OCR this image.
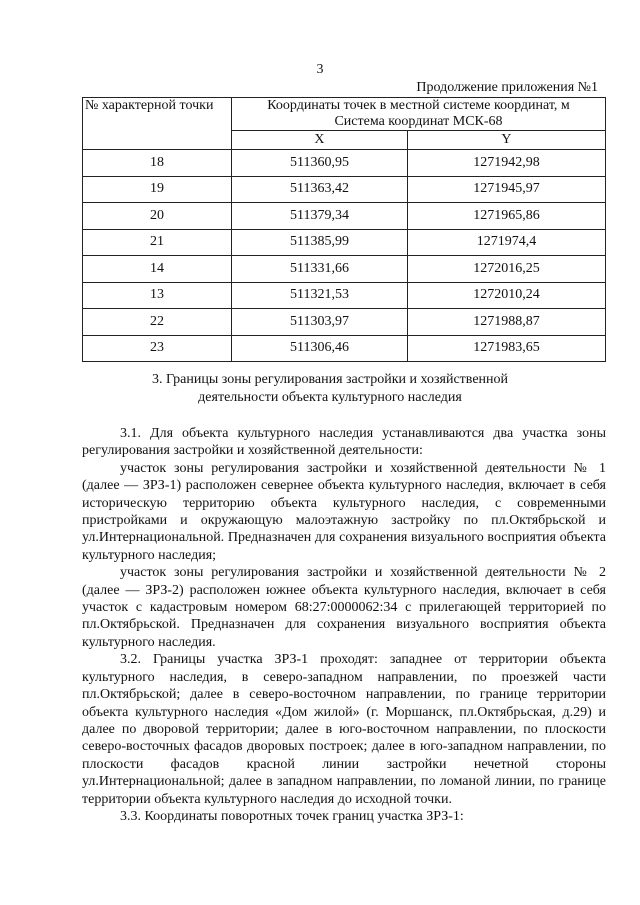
3
Продолжение приложения №1
№ характерной точки	Координаты точек в местной системе координат, м
Система координат МСК-68	

	X	Y
18	511360,95	1271942,98
19	511363,42	1271945,97
20	511379,34	1271965,86
21	511385,99	1271974,4
14	511331,66	1272016,25
13	511321,53	1272010,24
22	511303,97	1271988,87
23	511306,46	1271983,65
3. Границы зоны регулирования застройки и хозяйственной
деятельности объекта культурного наследия

3.1. Для объекта культурного наследия устанавливаются два участка зоны регулирования застройки и хозяйственной деятельности:

участок зоны регулирования застройки и хозяйственной деятельности № 1 (далее — ЗРЗ-1) расположен севернее объекта культурного наследия, включает в себя историческую территорию объекта культурного наследия, с современными пристройками и окружающую малоэтажную застройку по пл.Октябрьской и ул.Интернациональной. Предназначен для сохранения визуального восприятия объекта культурного наследия;

участок зоны регулирования застройки и хозяйственной деятельности № 2 (далее — ЗРЗ-2) расположен южнее объекта культурного наследия, включает в себя участок с кадастровым номером 68:27:0000062:34 с прилегающей территорией по пл.Октябрьской. Предназначен для сохранения визуального восприятия объекта культурного наследия.

3.2. Границы участка ЗРЗ-1 проходят: западнее от территории объекта культурного наследия, в северо-западном направлении, по проезжей части пл.Октябрьской; далее в северо-восточном направлении, по границе территории объекта культурного наследия «Дом жилой» (г. Моршанск, пл.Октябрьская, д.29) и далее по дворовой территории; далее в юго-восточном направлении, по плоскости северо-восточных фасадов дворовых построек; далее в юго-западном направлении, по плоскости фасадов красной линии застройки нечетной стороны ул.Интернациональной; далее в западном направлении, по ломаной линии, по границе территории объекта культурного наследия до исходной точки.

3.3. Координаты поворотных точек границ участка ЗРЗ-1:
